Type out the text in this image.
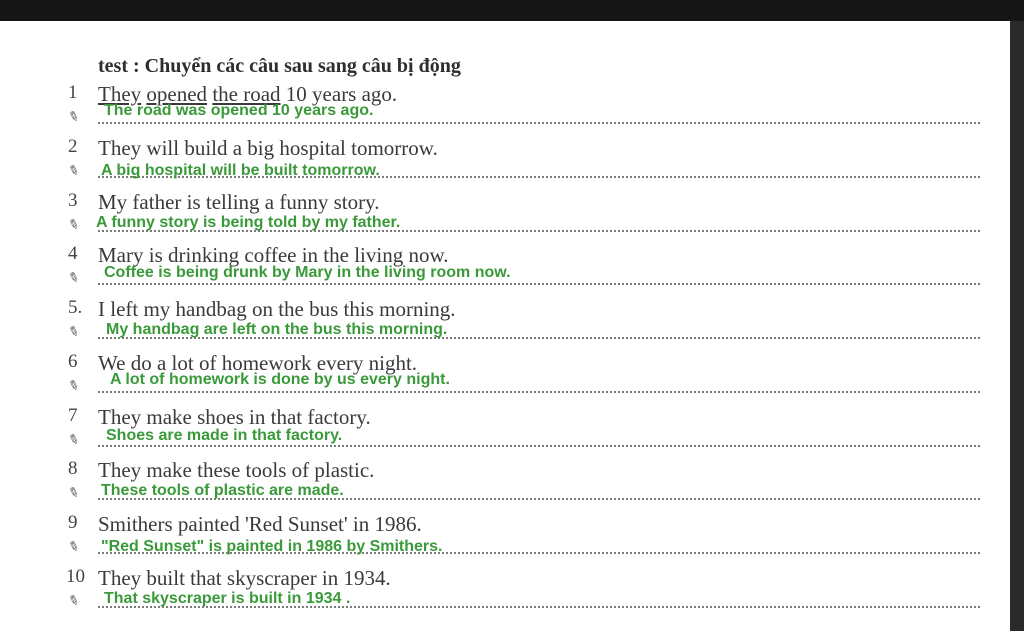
test : Chuyển các câu sau sang câu bị động
1 They opened the road 10 years ago.
✎ The road was opened 10 years ago.
2 They will build a big hospital tomorrow.
✎ A big hospital will be built tomorrow.
3 My father is telling a funny story.
✎ A funny story is being told by my father.
4 Mary is drinking coffee in the living now.
✎ Coffee is being drunk by Mary in the living room now.
5. I left my handbag on the bus this morning.
✎ My handbag are left on the bus this morning.
6 We do a lot of homework every night.
✎ A lot of homework is done by us every night.
7 They make shoes in that factory.
✎ Shoes are made in that factory.
8 They make these tools of plastic.
✎ These tools of plastic are made.
9 Smithers painted 'Red Sunset' in 1986.
✎ "Red Sunset" is painted in 1986 by Smithers.
10 They built that skyscraper in 1934.
✎ That skyscraper is built in 1934 .
